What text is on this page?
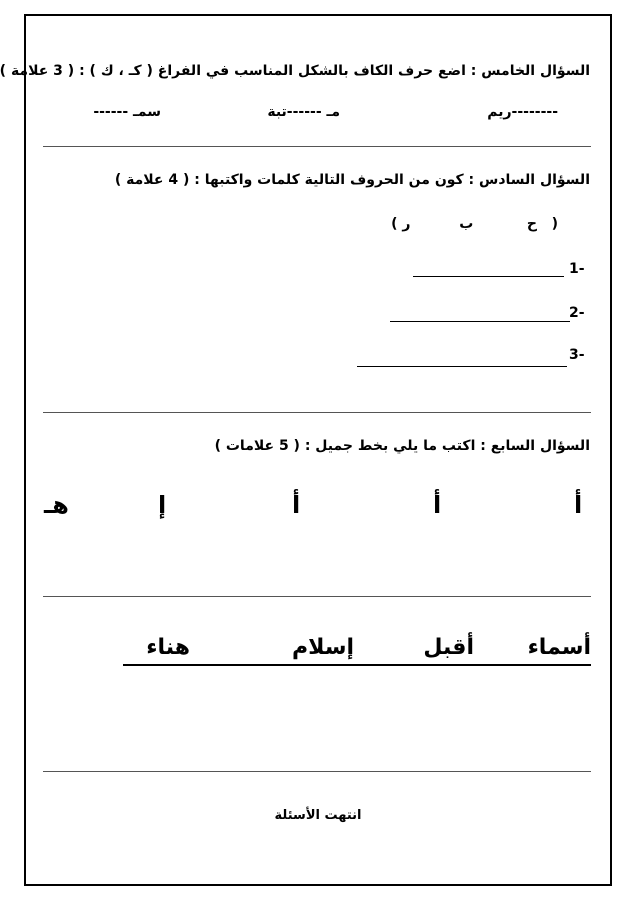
السؤال الخامس : اضع حرف الكاف بالشكل المناسب في الفراغ ( كـ ، ك ) : ( 3 علامة )
--------ريم
مـ ------تبة
سمـ ------
السؤال السادس : كون من الحروف التالية كلمات واكتبها : ( 4 علامة )
(   ح           ب          ر )
1-
2-
3-
السؤال السابع : اكتب ما يلي بخط جميل : ( 5 علامات )
أ
أ
أ
إ
هـ
أسماء
أقبل
إسلام
هناء
انتهت الأسئلة
